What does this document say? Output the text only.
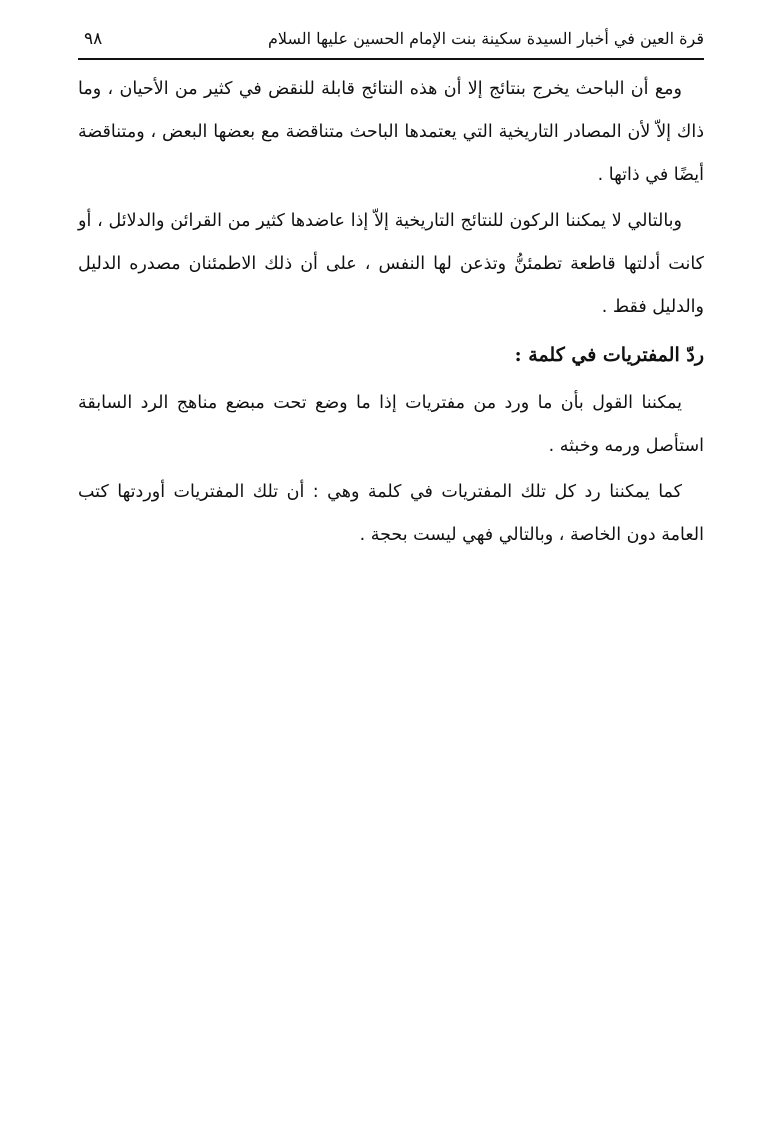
قرة العين في أخبار السيدة سكينة بنت الإمام الحسين عليها السلام
٩٨

ومع أن الباحث يخرج بنتائج إلا أن هذه النتائج قابلة للنقض في كثير من الأحيان ، وما ذاك إلاّ لأن المصادر التاريخية التي يعتمدها الباحث متناقضة مع بعضها البعض ، ومتناقضة أيضًا في ذاتها .

وبالتالي لا يمكننا الركون للنتائج التاريخية إلاّ إذا عاضدها كثير من القرائن والدلائل ، أو كانت أدلتها قاطعة تطمئنُّ وتذعن لها النفس ، على أن ذلك الاطمئنان مصدره الدليل والدليل فقط .

ردّ المفتريات في كلمة :

يمكننا القول بأن ما ورد من مفتريات إذا ما وضع تحت مبضع مناهج الرد السابقة استأصل ورمه وخبثه .

كما يمكننا رد كل تلك المفتريات في كلمة وهي : أن تلك المفتريات أوردتها كتب العامة دون الخاصة ، وبالتالي فهي ليست بحجة .
